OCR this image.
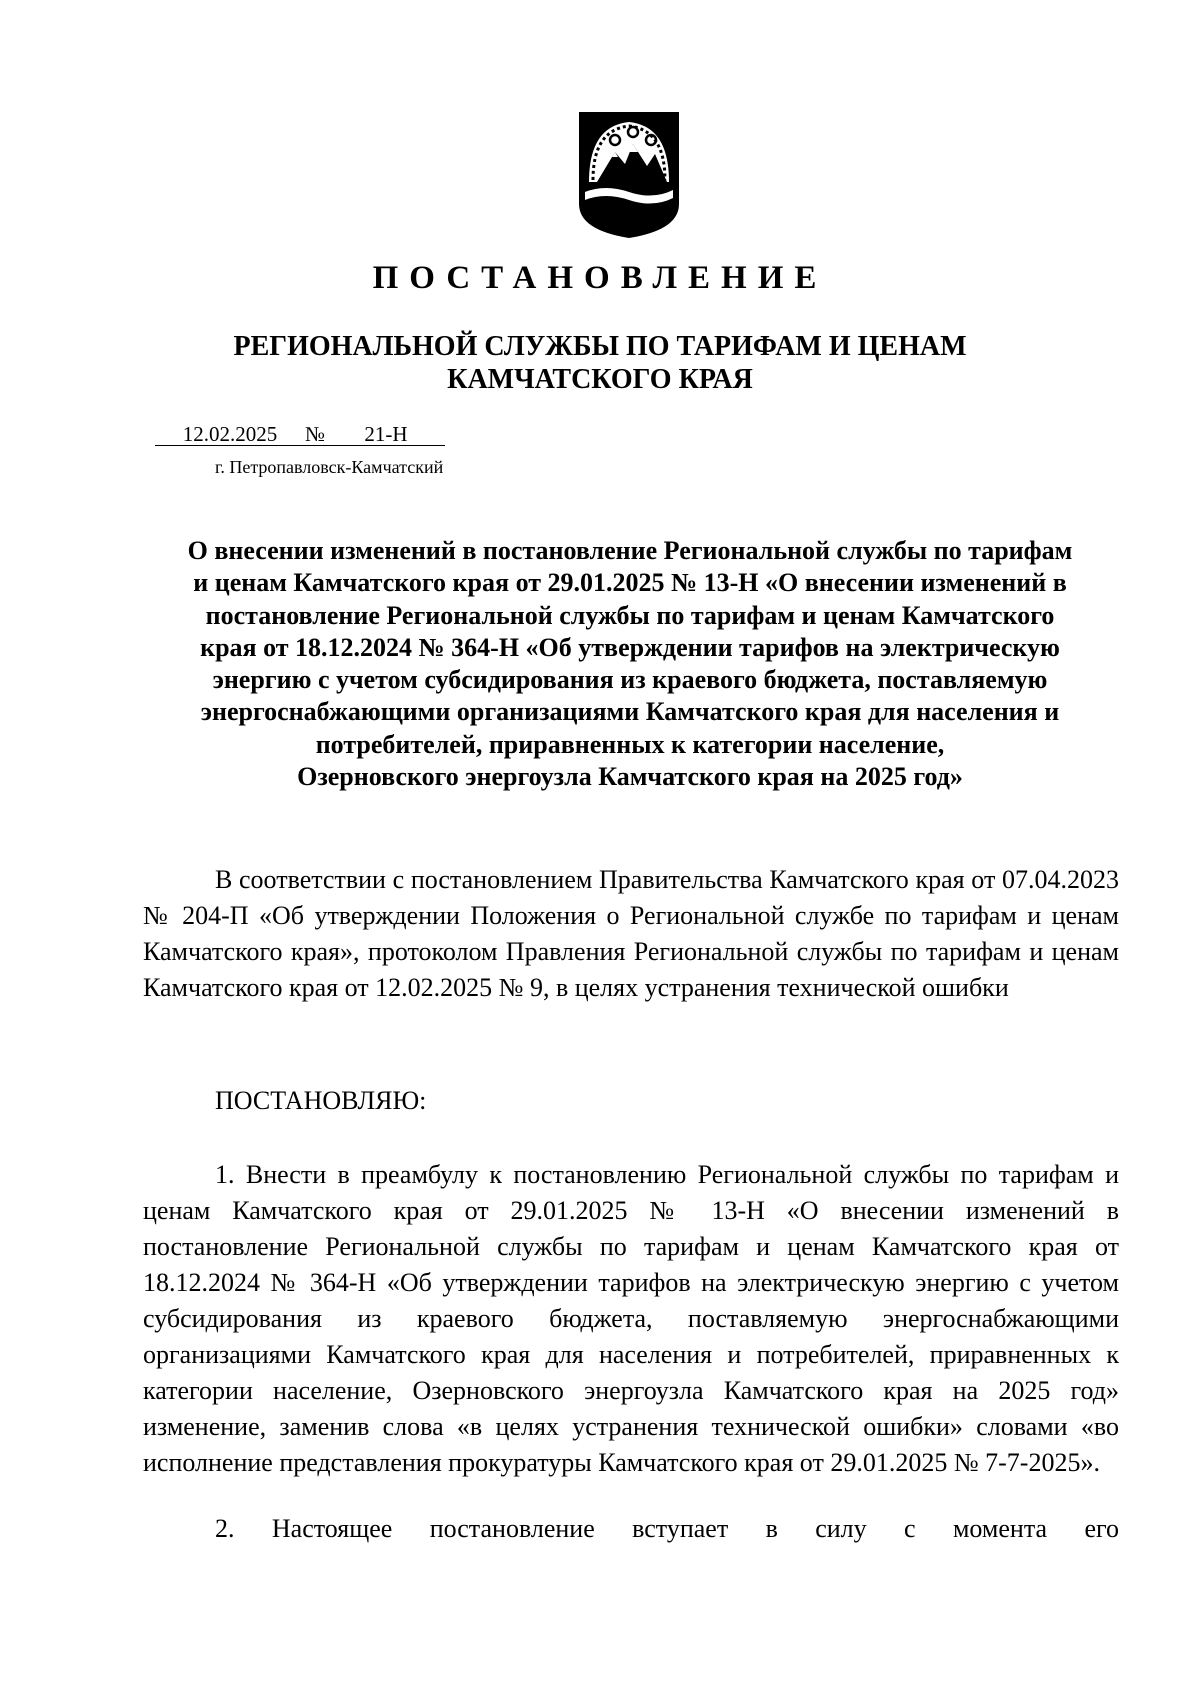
ПОСТАНОВЛЕНИЕ
РЕГИОНАЛЬНОЙ СЛУЖБЫ ПО ТАРИФАМ И ЦЕНАМ
КАМЧАТСКОГО КРАЯ
12.02.2025 № 21-Н
г. Петропавловск-Камчатский
О внесении изменений в постановление Региональной службы по тарифам
и ценам Камчатского края от 29.01.2025 № 13-Н «О внесении изменений в
постановление Региональной службы по тарифам и ценам Камчатского
края от 18.12.2024 № 364-Н «Об утверждении тарифов на электрическую
энергию с учетом субсидирования из краевого бюджета, поставляемую
энергоснабжающими организациями Камчатского края для населения и
потребителей, приравненных к категории население,
Озерновского энергоузла Камчатского края на 2025 год»
В соответствии с постановлением Правительства Камчатского края от 07.04.2023 № 204-П «Об утверждении Положения о Региональной службе по тарифам и ценам Камчатского края», протоколом Правления Региональной службы по тарифам и ценам Камчатского края от 12.02.2025 № 9, в целях устранения технической ошибки
ПОСТАНОВЛЯЮ:
1. Внести в преамбулу к постановлению Региональной службы по тарифам и ценам Камчатского края от 29.01.2025 № 13-Н «О внесении изменений в постановление Региональной службы по тарифам и ценам Камчатского края от 18.12.2024 № 364-Н «Об утверждении тарифов на электрическую энергию с учетом субсидирования из краевого бюджета, поставляемую энергоснабжающими организациями Камчатского края для населения и потребителей, приравненных к категории население, Озерновского энергоузла Камчатского края на 2025 год» изменение, заменив слова «в целях устранения технической ошибки» словами «во исполнение представления прокуратуры Камчатского края от 29.01.2025 № 7-7-2025».
2. Настоящее постановление вступает в силу с момента его
